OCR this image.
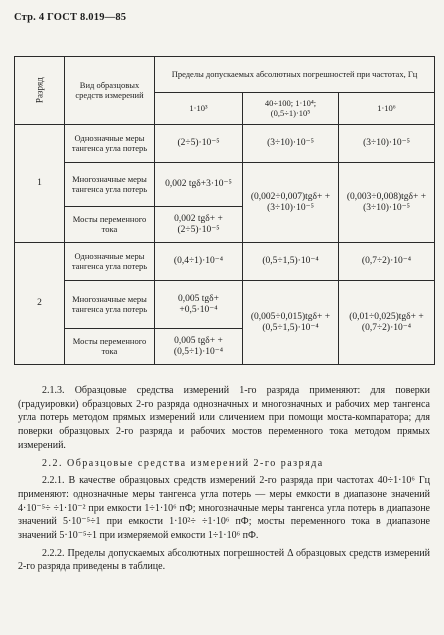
Стр. 4 ГОСТ 8.019—85
Разряд	Вид образцовых средств измерений	Пределы допускаемых абсолютных погрешностей при частотах, Гц		
		1·10³	40÷100; 1·10⁴; (0,5÷1)·10⁵	1·10⁶
1	Однозначные меры тангенса угла потерь	(2÷5)·10⁻⁵	(3÷10)·10⁻⁵	(3÷10)·10⁻⁵
	Многозначные меры тангенса угла потерь	0,002 tgδ+3·10⁻⁵	(0,002÷0,007)tgδ+ +(3÷10)·10⁻⁵	(0,003÷0,008)tgδ+ +(3÷10)·10⁻⁵
	Мосты переменного тока	0,002 tgδ+ +(2÷5)·10⁻⁵		
2	Однозначные меры тангенса угла потерь	(0,4÷1)·10⁻⁴	(0,5÷1,5)·10⁻⁴	(0,7÷2)·10⁻⁴
	Многозначные меры тангенса угла потерь	0,005 tgδ+ +0,5·10⁻⁴	(0,005÷0,015)tgδ+ +(0,5÷1,5)·10⁻⁴	(0,01÷0,025)tgδ+ +(0,7÷2)·10⁻⁴
	Мосты переменного тока	0,005 tgδ+ +(0,5÷1)·10⁻⁴		

2.1.3. Образцовые средства измерений 1-го разряда применяют: для поверки (градуировки) образцовых 2-го разряда однозначных и многозначных и рабочих мер тангенса угла потерь методом прямых измерений или сличением при помощи моста-компаратора; для поверки образцовых 2-го разряда и рабочих мостов переменного тока методом прямых измерений.

2.2. Образцовые средства измерений 2-го разряда

2.2.1. В качестве образцовых средств измерений 2-го разряда при частотах 40÷1·10⁶ Гц применяют: однозначные меры тангенса угла потерь — меры емкости в диапазоне значений 4·10⁻⁵÷ ÷1·10⁻² при емкости 1÷1·10⁶ пФ; многозначные меры тангенса угла потерь в диапазоне значений 5·10⁻⁵÷1 при емкости 1·10²÷ ÷1·10⁶ пФ; мосты переменного тока в диапазоне значений 5·10⁻⁵÷1 при измеряемой емкости 1÷1·10⁶ пФ.

2.2.2. Пределы допускаемых абсолютных погрешностей Δ образцовых средств измерений 2-го разряда приведены в таблице.
